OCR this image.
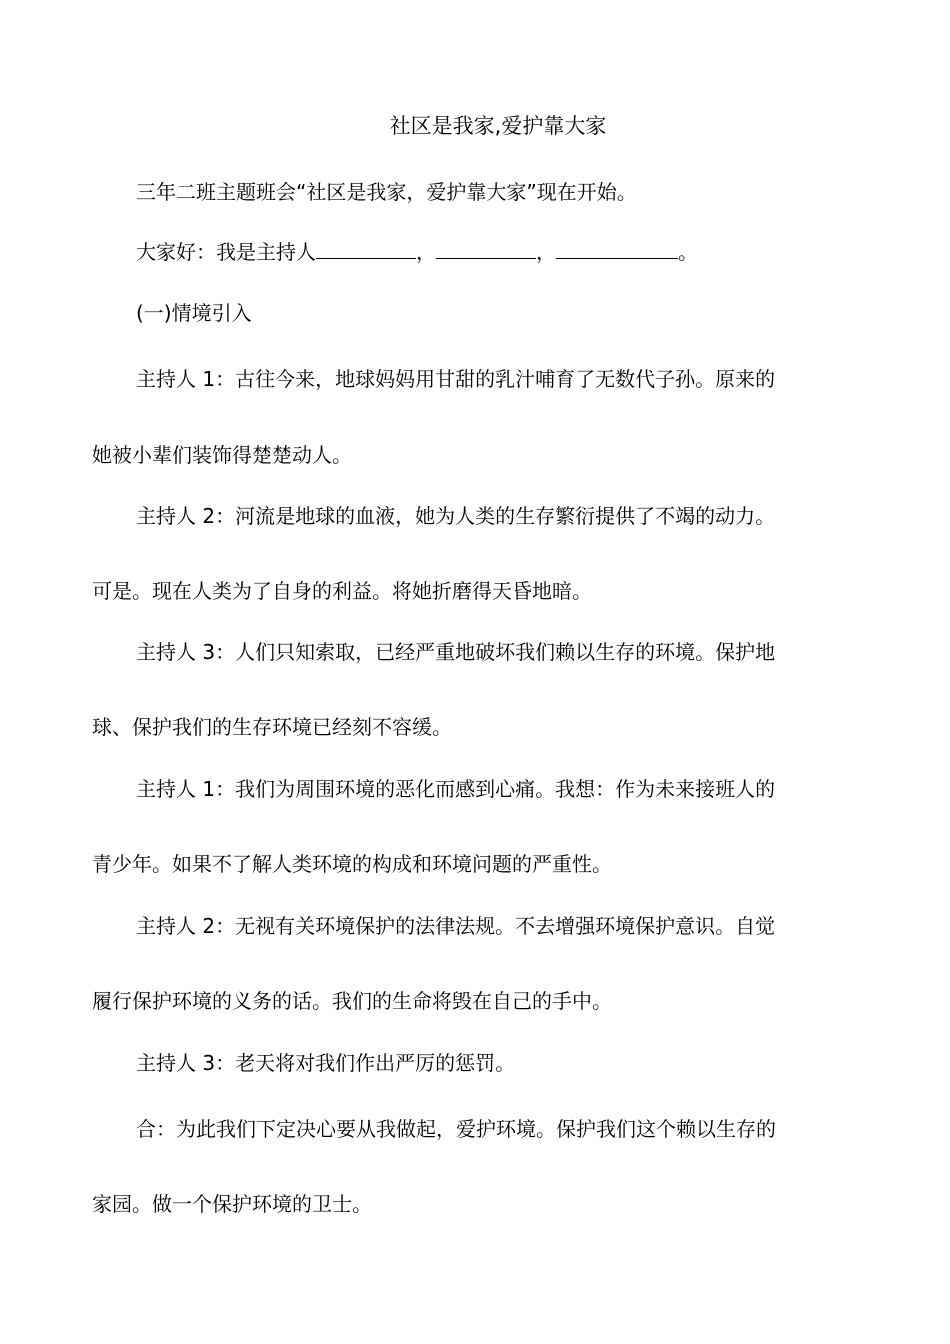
社区是我家,爱护靠大家
三年二班主题班会“社区是我家，爱护靠大家”现在开始。
大家好：我是主持人	，	，	。
(一)情境引入
主持人 1：古往今来，地球妈妈用甘甜的乳汁哺育了无数代子孙。原来的
她被小辈们装饰得楚楚动人。
主持人 2：河流是地球的血液，她为人类的生存繁衍提供了不竭的动力。
可是。现在人类为了自身的利益。将她折磨得天昏地暗。
主持人 3：人们只知索取，已经严重地破坏我们赖以生存的环境。保护地
球、保护我们的生存环境已经刻不容缓。
主持人 1：我们为周围环境的恶化而感到心痛。我想：作为未来接班人的
青少年。如果不了解人类环境的构成和环境问题的严重性。
主持人 2：无视有关环境保护的法律法规。不去增强环境保护意识。自觉
履行保护环境的义务的话。我们的生命将毁在自己的手中。
主持人 3：老天将对我们作出严厉的惩罚。
合：为此我们下定决心要从我做起，爱护环境。保护我们这个赖以生存的
家园。做一个保护环境的卫士。
